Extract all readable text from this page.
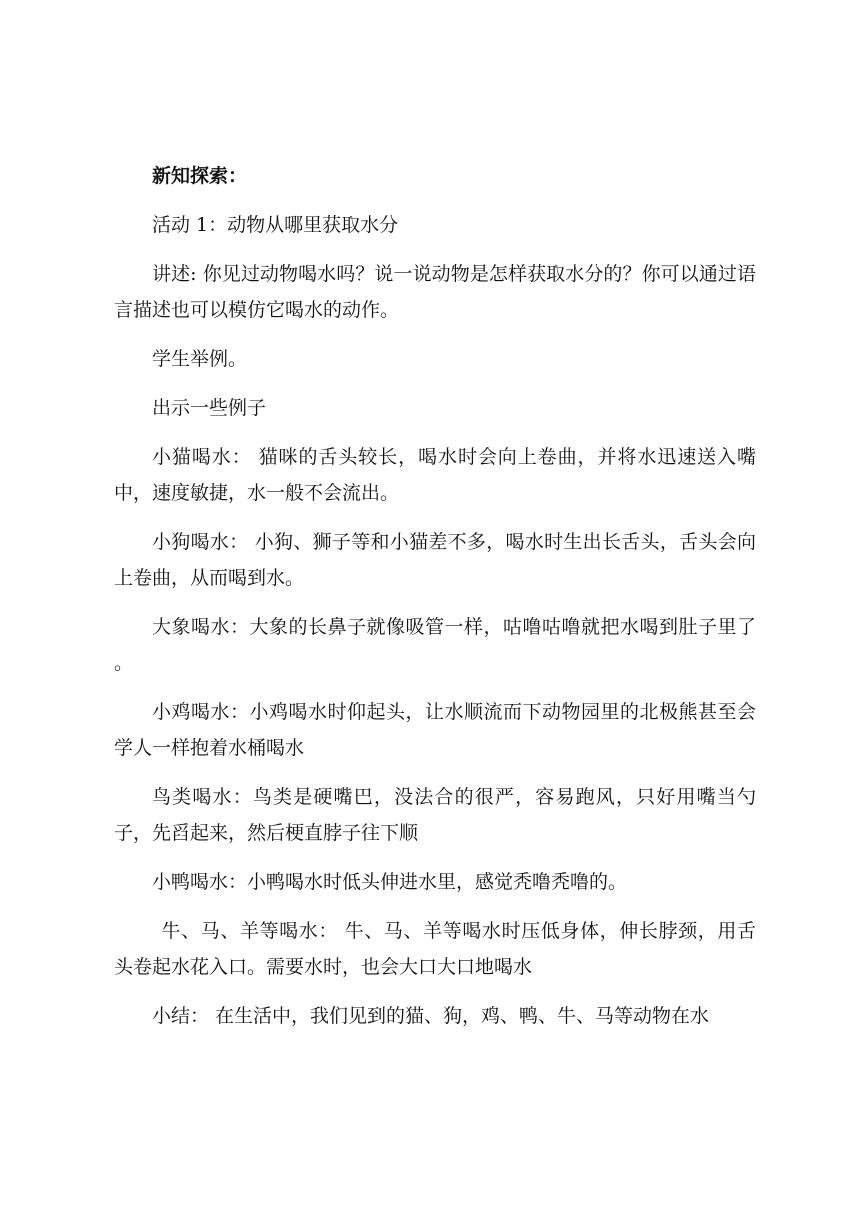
新知探索：

活动 1：动物从哪里获取水分

讲述: 你见过动物喝水吗？说一说动物是怎样获取水分的？你可以通过语言描述也可以模仿它喝水的动作。

学生举例。

出示一些例子

小猫喝水： 猫咪的舌头较长，喝水时会向上卷曲，并将水迅速送入嘴中，速度敏捷，水一般不会流出。

小狗喝水： 小狗、狮子等和小猫差不多，喝水时生出长舌头，舌头会向上卷曲，从而喝到水。

大象喝水：大象的长鼻子就像吸管一样，咕噜咕噜就把水喝到肚子里了 。

小鸡喝水：小鸡喝水时仰起头，让水顺流而下动物园里的北极熊甚至会学人一样抱着水桶喝水

鸟类喝水：鸟类是硬嘴巴，没法合的很严，容易跑风，只好用嘴当勺子，先舀起来，然后梗直脖子往下顺

小鸭喝水：小鸭喝水时低头伸进水里，感觉秃噜秃噜的。

牛、马、羊等喝水： 牛、马、羊等喝水时压低身体，伸长脖颈，用舌头卷起水花入口。需要水时，也会大口大口地喝水

小结： 在生活中，我们见到的猫、狗，鸡、鸭、牛、马等动物在水
